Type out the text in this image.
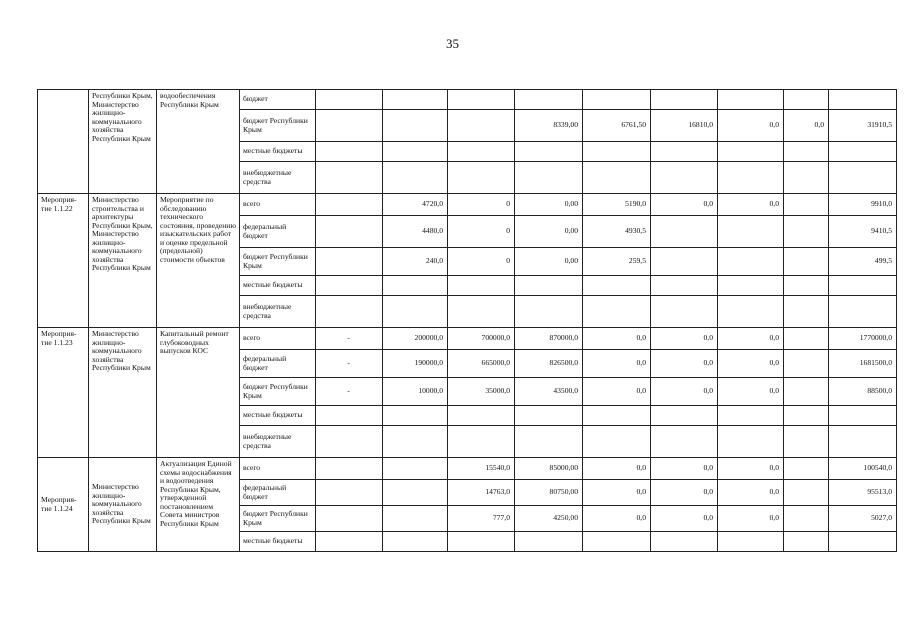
35
	Республики Крым, Министерство жилищно-коммунального хозяйства Республики Крым	водообеспечения Республики Крым	бюджет									
			бюджет Республики Крым				8339,00	6761,50	16810,0	0,0	0,0	31910,5
			местные бюджеты									
			внебюджетные средства									
Мероприя-тие 1.1.22	Министерство строительства и архитектуры Республики Крым, Министерство жилищно-коммунального хозяйства Республики Крым	Мероприятие по обследованию технического состояния, проведению изыскательских работ и оценке предельной (предельной) стоимости объектов	всего		4720,0	0	0,00	5190,0	0,0	0,0		9910,0
			федеральный бюджет		4480,0	0	0,00	4930,5				9410,5
			бюджет Республики Крым		240,0	0	0,00	259,5				499,5
			местные бюджеты									
			внебюджетные средства									
Мероприя-тие 1.1.23	Министерство жилищно-коммунального хозяйства Республики Крым	Капитальный ремонт глубоководных выпусков КОС	всего	-	200000,0	700000,0	870000,0	0,0	0,0	0,0		1770000,0
			федеральный бюджет	-	190000,0	665000,0	826500,0	0,0	0,0	0,0		1681500,0
			бюджет Республики Крым	-	10000,0	35000,0	43500,0	0,0	0,0	0,0		88500,0
			местные бюджеты									
			внебюджетные средства									
Мероприя-тие 1.1.24	Министерство жилищно-коммунального хозяйства Республики Крым	Актуализация Единой схемы водоснабжения и водоотведения Республики Крым, утвержденной постановлением Совета министров Республики Крым	всего			15540,0	85000,00	0,0	0,0	0,0		100540,0
			федеральный бюджет			14763,0	80750,00	0,0	0,0	0,0		95513,0
			бюджет Республики Крым			777,0	4250,00	0,0	0,0	0,0		5027,0
			местные бюджеты									
